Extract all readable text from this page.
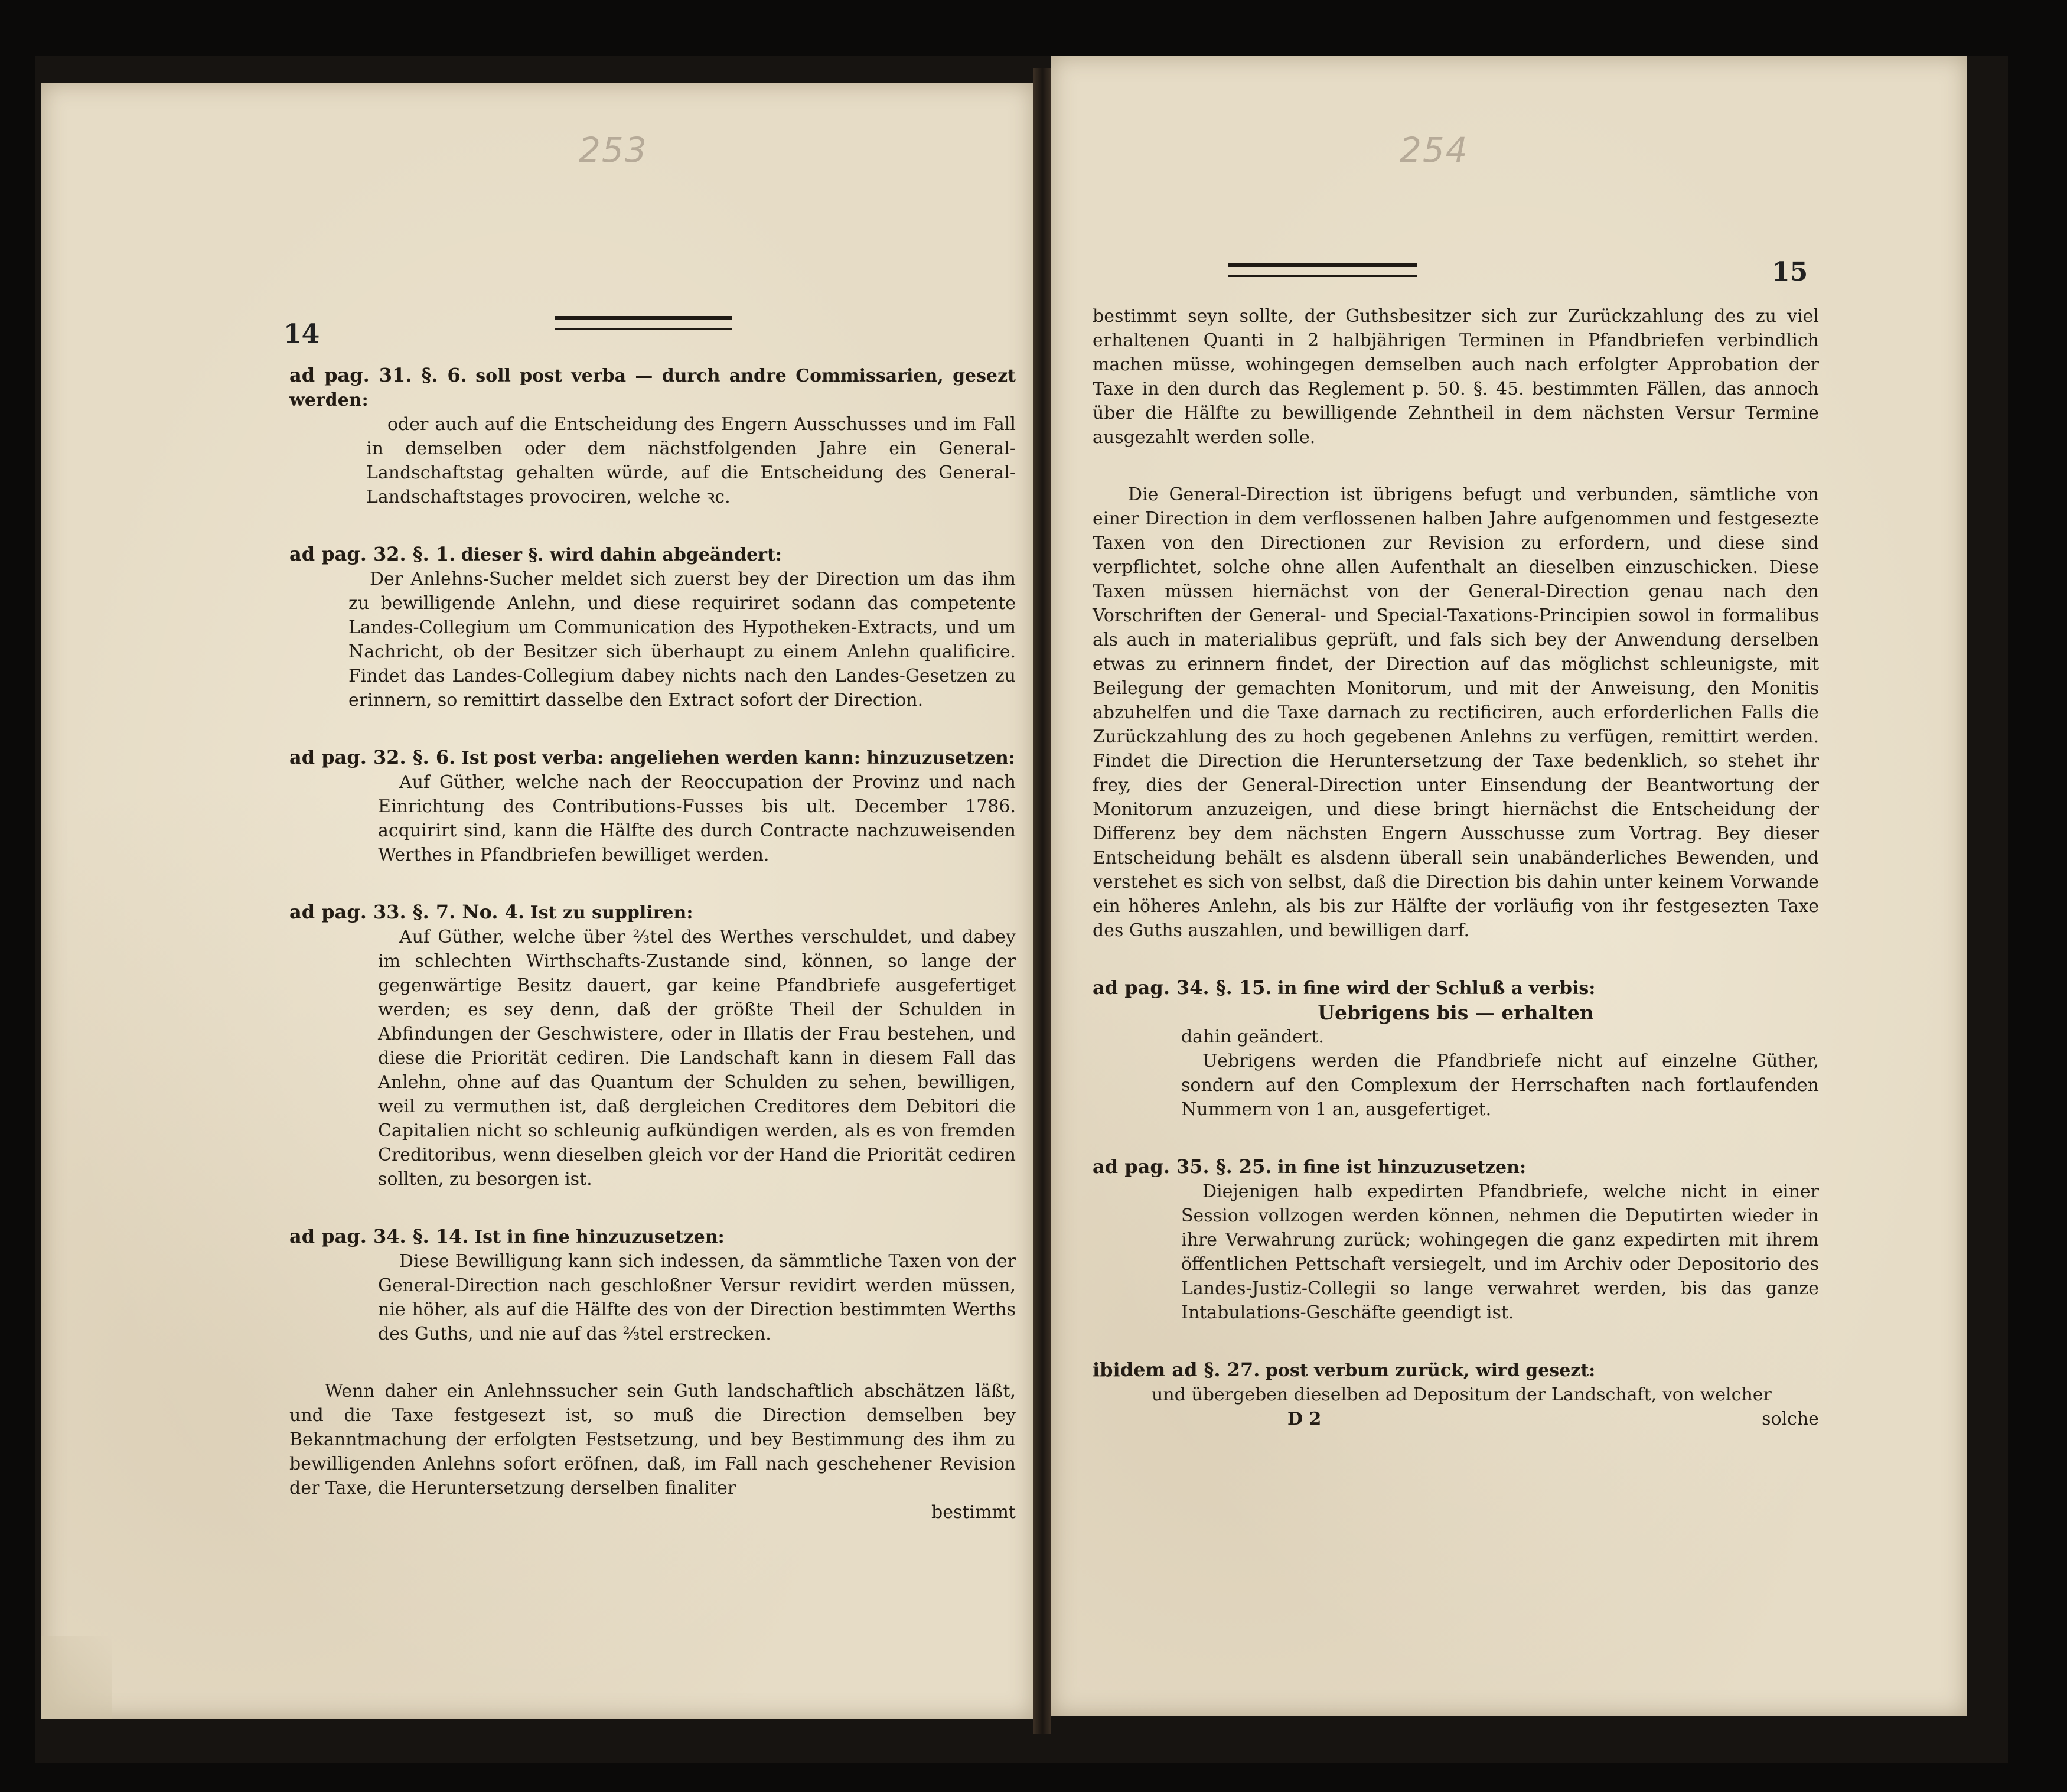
253
14
ad pag. 31. §. 6. soll post verba — durch andre Commissarien, gesezt werden:
oder auch auf die Entscheidung des Engern Ausschusses und im Fall in demselben oder dem nächstfolgenden Jahre ein General-Landschaftstag gehalten würde, auf die Entscheidung des General-Landschaftstages provociren, welche ꝛc.
ad pag. 32. §. 1. dieser §. wird dahin abgeändert:
Der Anlehns-Sucher meldet sich zuerst bey der Direction um das ihm zu bewilligende Anlehn, und diese requiriret sodann das competente Landes-Collegium um Communication des Hypotheken-Extracts, und um Nachricht, ob der Besitzer sich überhaupt zu einem Anlehn qualificire. Findet das Landes-Collegium dabey nichts nach den Landes-Gesetzen zu erinnern, so remittirt dasselbe den Extract sofort der Direction.
ad pag. 32. §. 6. Ist post verba: angeliehen werden kann: hinzuzusetzen:
Auf Güther, welche nach der Reoccupation der Provinz und nach Einrichtung des Contributions-Fusses bis ult. December 1786. acquirirt sind, kann die Hälfte des durch Contracte nachzuweisenden Werthes in Pfandbriefen bewilliget werden.
ad pag. 33. §. 7. No. 4. Ist zu suppliren:
Auf Güther, welche über ⅔tel des Werthes verschuldet, und dabey im schlechten Wirthschafts-Zustande sind, können, so lange der gegenwärtige Besitz dauert, gar keine Pfandbriefe ausgefertiget werden; es sey denn, daß der größte Theil der Schulden in Abfindungen der Geschwistere, oder in Illatis der Frau bestehen, und diese die Priorität cediren. Die Landschaft kann in diesem Fall das Anlehn, ohne auf das Quantum der Schulden zu sehen, bewilligen, weil zu vermuthen ist, daß dergleichen Creditores dem Debitori die Capitalien nicht so schleunig aufkündigen werden, als es von fremden Creditoribus, wenn dieselben gleich vor der Hand die Priorität cediren sollten, zu besorgen ist.
ad pag. 34. §. 14. Ist in fine hinzuzusetzen:
Diese Bewilligung kann sich indessen, da sämmtliche Taxen von der General-Direction nach geschloßner Versur revidirt werden müssen, nie höher, als auf die Hälfte des von der Direction bestimmten Werths des Guths, und nie auf das ⅔tel erstrecken.
Wenn daher ein Anlehnssucher sein Guth landschaftlich abschätzen läßt, und die Taxe festgesezt ist, so muß die Direction demselben bey Bekanntmachung der erfolgten Festsetzung, und bey Bestimmung des ihm zu bewilligenden Anlehns sofort eröfnen, daß, im Fall nach geschehener Revision der Taxe, die Heruntersetzung derselben finaliter
bestimmt
254
15
bestimmt seyn sollte, der Guthsbesitzer sich zur Zurückzahlung des zu viel erhaltenen Quanti in 2 halbjährigen Terminen in Pfandbriefen verbindlich machen müsse, wohingegen demselben auch nach erfolgter Approbation der Taxe in den durch das Reglement p. 50. §. 45. bestimmten Fällen, das annoch über die Hälfte zu bewilligende Zehntheil in dem nächsten Versur Termine ausgezahlt werden solle.
Die General-Direction ist übrigens befugt und verbunden, sämtliche von einer Direction in dem verflossenen halben Jahre aufgenommen und festgesezte Taxen von den Directionen zur Revision zu erfordern, und diese sind verpflichtet, solche ohne allen Aufenthalt an dieselben einzuschicken. Diese Taxen müssen hiernächst von der General-Direction genau nach den Vorschriften der General- und Special-Taxations-Principien sowol in formalibus als auch in materialibus geprüft, und fals sich bey der Anwendung derselben etwas zu erinnern findet, der Direction auf das möglichst schleunigste, mit Beilegung der gemachten Monitorum, und mit der Anweisung, den Monitis abzuhelfen und die Taxe darnach zu rectificiren, auch erforderlichen Falls die Zurückzahlung des zu hoch gegebenen Anlehns zu verfügen, remittirt werden. Findet die Direction die Heruntersetzung der Taxe bedenklich, so stehet ihr frey, dies der General-Direction unter Einsendung der Beantwortung der Monitorum anzuzeigen, und diese bringt hiernächst die Entscheidung der Differenz bey dem nächsten Engern Ausschusse zum Vortrag. Bey dieser Entscheidung behält es alsdenn überall sein unabänderliches Bewenden, und verstehet es sich von selbst, daß die Direction bis dahin unter keinem Vorwande ein höheres Anlehn, als bis zur Hälfte der vorläufig von ihr festgesezten Taxe des Guths auszahlen, und bewilligen darf.
ad pag. 34. §. 15. in fine wird der Schluß a verbis:
Uebrigens bis — erhalten
dahin geändert.
Uebrigens werden die Pfandbriefe nicht auf einzelne Güther, sondern auf den Complexum der Herrschaften nach fortlaufenden Nummern von 1 an, ausgefertiget.
ad pag. 35. §. 25. in fine ist hinzuzusetzen:
Diejenigen halb expedirten Pfandbriefe, welche nicht in einer Session vollzogen werden können, nehmen die Deputirten wieder in ihre Verwahrung zurück; wohingegen die ganz expedirten mit ihrem öffentlichen Pettschaft versiegelt, und im Archiv oder Depositorio des Landes-Justiz-Collegii so lange verwahret werden, bis das ganze Intabulations-Geschäfte geendigt ist.
ibidem ad §. 27. post verbum zurück, wird gesezt:
und übergeben dieselben ad Depositum der Landschaft, von welcher
D 2	solche
